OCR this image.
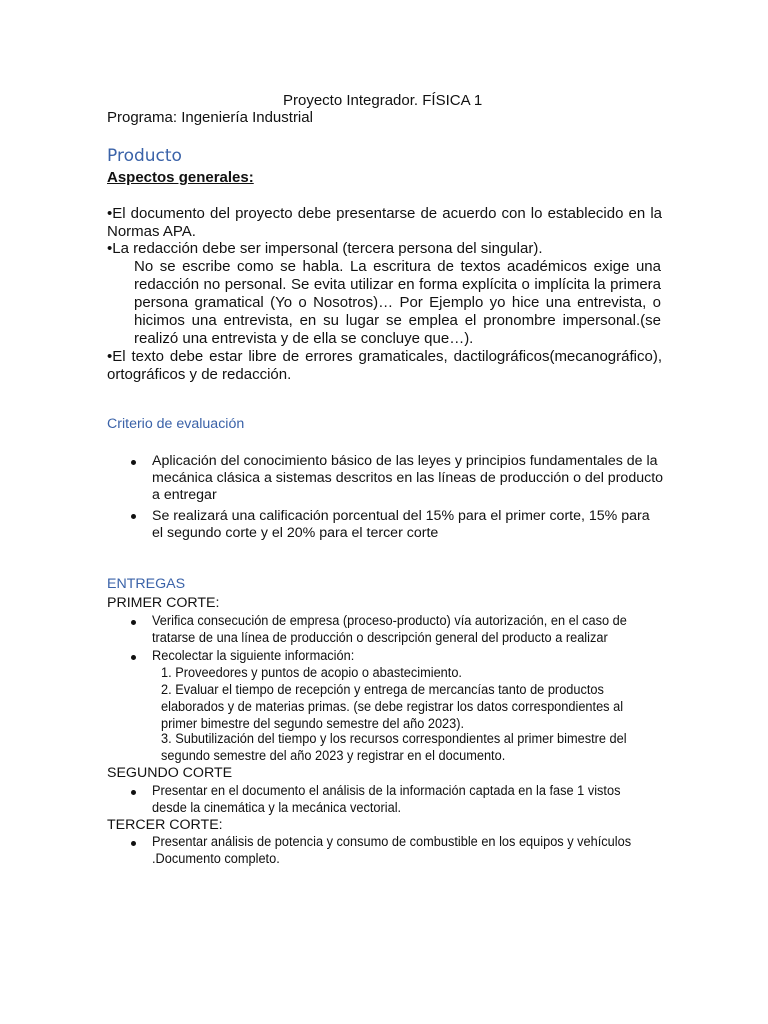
Proyecto Integrador. FÍSICA 1

Programa: Ingeniería Industrial

Producto

Aspectos generales:

•El documento del proyecto debe presentarse de acuerdo con lo establecido en la Normas APA.

•La redacción debe ser impersonal (tercera persona del singular).

No se escribe como se habla. La escritura de textos académicos exige una redacción no personal. Se evita utilizar en forma explícita o implícita la primera persona gramatical (Yo o Nosotros)… Por Ejemplo yo hice una entrevista, o hicimos una entrevista, en su lugar se emplea el pronombre impersonal.(se realizó una entrevista y de ella se concluye que…).

•El texto debe estar libre de errores gramaticales, dactilográficos(mecanográfico), ortográficos y de redacción.

Criterio de evaluación

Aplicación del conocimiento básico de las leyes y principios fundamentales de la mecánica clásica a sistemas descritos en las líneas de producción o del producto a entregar

Se realizará una calificación porcentual del 15% para el primer corte, 15% para el segundo corte y el 20% para el tercer corte

ENTREGAS

PRIMER CORTE:

Verifica consecución de empresa (proceso-producto) vía autorización, en el caso de tratarse de una línea de producción o descripción general del producto a realizar

Recolectar la siguiente información:

1. Proveedores y puntos de acopio o abastecimiento.

2. Evaluar el tiempo de recepción y entrega de mercancías tanto de productos elaborados y de materias primas. (se debe registrar los datos correspondientes al primer bimestre del segundo semestre del año 2023).

3. Subutilización del tiempo y los recursos correspondientes al primer bimestre del segundo semestre del año 2023 y registrar en el documento.

SEGUNDO CORTE

Presentar en el documento el análisis de la información captada en la fase 1 vistos desde la cinemática y la mecánica vectorial.

TERCER CORTE:

Presentar análisis de potencia y consumo de combustible en los equipos y vehículos .Documento completo.
